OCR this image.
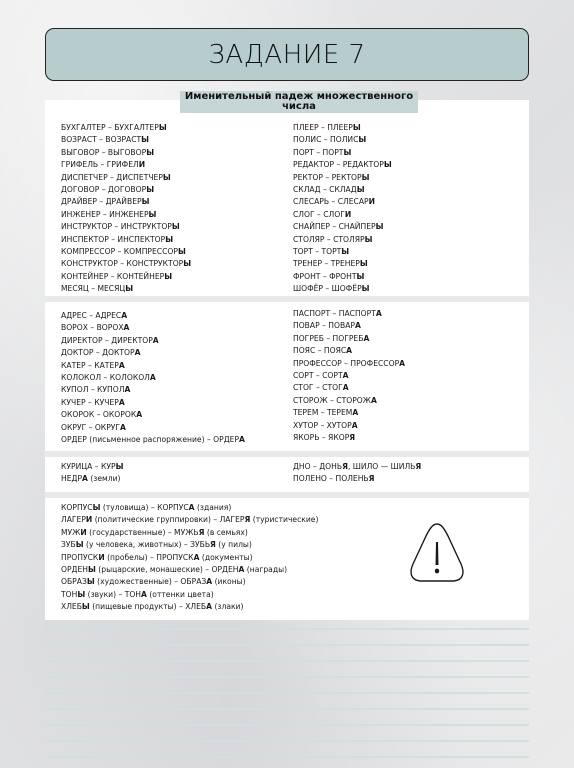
ЗАДАНИЕ 7
Именительный падеж множественного числа
БУХГАЛТЕР – БУХГАЛТЕРЫ
ВОЗРАСТ – ВОЗРАСТЫ
ВЫГОВОР – ВЫГОВОРЫ
ГРИФЕЛЬ – ГРИФЕЛИ
ДИСПЕТЧЕР – ДИСПЕТЧЕРЫ
ДОГОВОР – ДОГОВОРЫ
ДРАЙВЕР – ДРАЙВЕРЫ
ИНЖЕНЕР – ИНЖЕНЕРЫ
ИНСТРУКТОР – ИНСТРУКТОРЫ
ИНСПЕКТОР – ИНСПЕКТОРЫ
КОМПРЕССОР – КОМПРЕССОРЫ
КОНСТРУКТОР – КОНСТРУКТОРЫ
КОНТЕЙНЕР – КОНТЕЙНЕРЫ
МЕСЯЦ – МЕСЯЦЫ
ПЛЕЕР – ПЛЕЕРЫ
ПОЛИС – ПОЛИСЫ
ПОРТ – ПОРТЫ
РЕДАКТОР – РЕДАКТОРЫ
РЕКТОР – РЕКТОРЫ
СКЛАД – СКЛАДЫ
СЛЕСАРЬ – СЛЕСАРИ
СЛОГ – СЛОГИ
СНАЙПЕР – СНАЙПЕРЫ
СТОЛЯР – СТОЛЯРЫ
ТОРТ – ТОРТЫ
ТРЕНЕР – ТРЕНЕРЫ
ФРОНТ – ФРОНТЫ
ШОФЁР – ШОФЁРЫ
АДРЕС – АДРЕСА
ВОРОХ – ВОРОХА
ДИРЕКТОР – ДИРЕКТОРА
ДОКТОР – ДОКТОРА
КАТЕР – КАТЕРА
КОЛОКОЛ – КОЛОКОЛА
КУПОЛ – КУПОЛА
КУЧЕР – КУЧЕРА
ОКОРОК – ОКОРОКА
ОКРУГ – ОКРУГА
ОРДЕР (письменное распоряжение) – ОРДЕРА
ПАСПОРТ – ПАСПОРТА
ПОВАР – ПОВАРА
ПОГРЕБ – ПОГРЕБА
ПОЯС – ПОЯСА
ПРОФЕССОР – ПРОФЕССОРА
СОРТ – СОРТА
СТОГ – СТОГА
СТОРОЖ – СТОРОЖА
ТЕРЕМ – ТЕРЕМА
ХУТОР – ХУТОРА
ЯКОРЬ – ЯКОРЯ
КУРИЦА – КУРЫ
НЕДРА (земли)
ДНО – ДОНЬЯ, ШИЛО — ШИЛЬЯ
ПОЛЕНО – ПОЛЕНЬЯ
КОРПУСЫ (туловища) – КОРПУСА (здания)
ЛАГЕРИ (политические группировки) – ЛАГЕРЯ (туристические)
МУЖИ (государственные) – МУЖЬЯ (в семьях)
ЗУБЫ (у человека, животных) – ЗУБЬЯ (у пилы)
ПРОПУСКИ (пробелы) – ПРОПУСКА (документы)
ОРДЕНЫ (рыцарские, монашеские) – ОРДЕНА (награды)
ОБРАЗЫ (художественные) – ОБРАЗА (иконы)
ТОНЫ (звуки) – ТОНА (оттенки цвета)
ХЛЕБЫ (пищевые продукты) – ХЛЕБА (злаки)
